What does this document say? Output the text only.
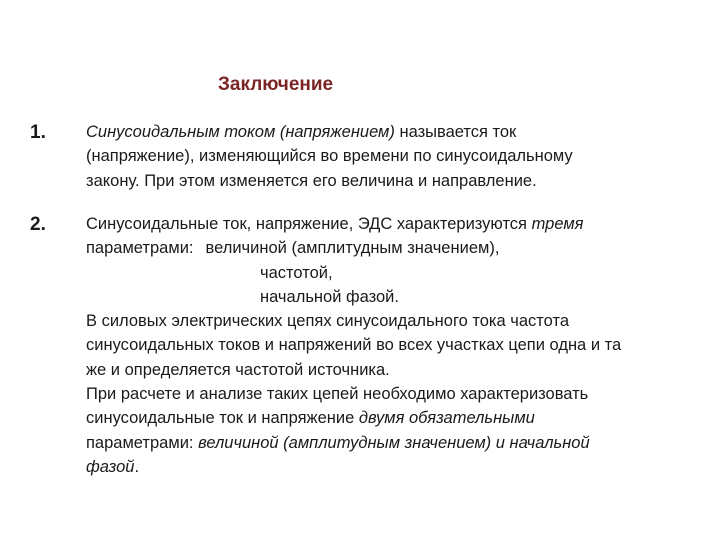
Заключение
1. Синусоидальным током (напряжением) называется ток
(напряжение), изменяющийся во времени по синусоидальному
закону. При этом изменяется его величина и направление.
2. Синусоидальные ток, напряжение, ЭДС характеризуются тремя
параметрами: величиной (амплитудным значением),
частотой,
начальной фазой.
В силовых электрических цепях синусоидального тока частота
синусоидальных токов и напряжений во всех участках цепи одна и та
же и определяется частотой источника.
При расчете и анализе таких цепей необходимо характеризовать
синусоидальные ток и напряжение двумя обязательными
параметрами: величиной (амплитудным значением) и начальной
фазой.
